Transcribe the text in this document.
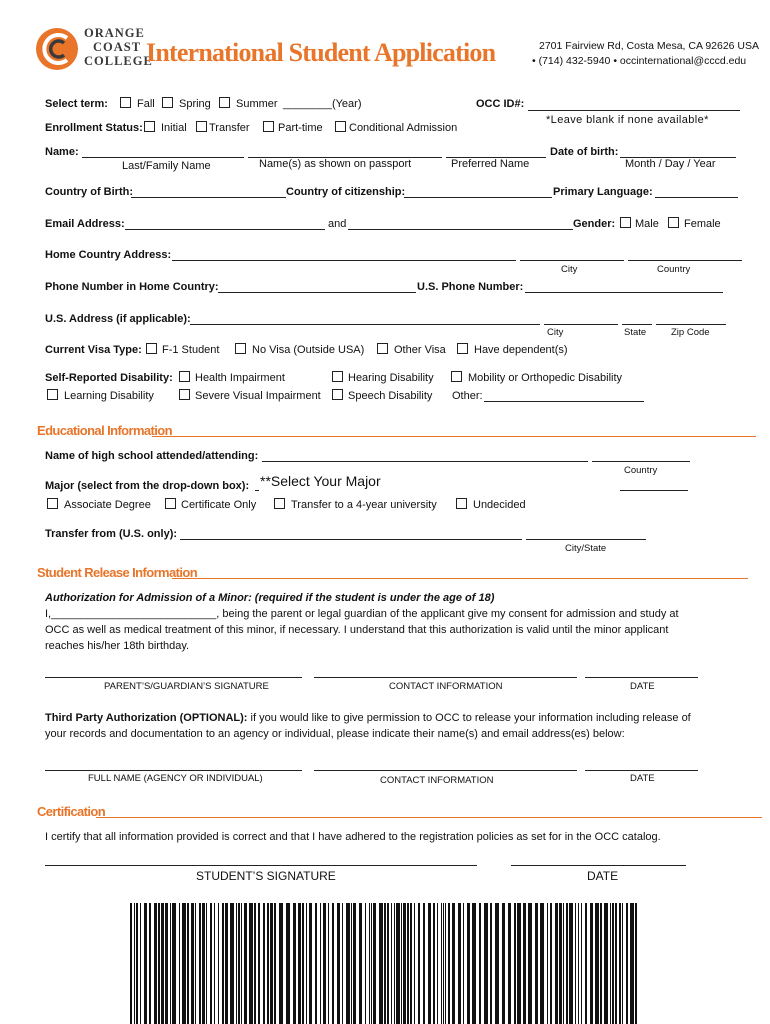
ORANGE
COAST
COLLEGE
International Student Application	2701 Fairview Rd, Costa Mesa, CA 92626 USA
• (714) 432-5940 • occinternational@cccd.edu
Select term:	Fall Spring Summer ________(Year)	OCC ID#:
*Leave blank if none available*
Enrollment Status: Initial Transfer	Part-time Conditional Admission
Name:	Date of birth:
Last/Family Name	Name(s) as shown on passport	Preferred Name	Month / Day / Year
Country of Birth:	Country of citizenship:	Primary Language:
Email Address:	and	Gender: Male Female
Home Country Address:
City	Country
Phone Number in Home Country:	U.S. Phone Number:
U.S. Address (if applicable):
City	State	Zip Code
Current Visa Type: F-1 Student	No Visa (Outside USA)	Other Visa	Have dependent(s)
Self-Reported Disability: Health Impairment	Hearing Disability	Mobility or Orthopedic Disability
Learning Disability	Severe Visual Impairment Speech Disability Other:
Educational Information
Name of high school attended/attending:
Country
Major (select from the drop-down box): **Select Your Major
Associate Degree	Certificate Only	Transfer to a 4-year university	Undecided
Transfer from (U.S. only):
City/State
Student Release Information
Authorization for Admission of a Minor: (required if the student is under the age of 18)
I,___________________________, being the parent or legal guardian of the applicant give my consent for admission and study at
OCC as well as medical treatment of this minor, if necessary. I understand that this authorization is valid until the minor applicant
reaches his/her 18th birthday.
PARENT’S/GUARDIAN’S SIGNATURE	CONTACT INFORMATION	DATE
Third Party Authorization (OPTIONAL): if you would like to give permission to OCC to release your information including release of
your records and documentation to an agency or individual, please indicate their name(s) and email address(es) below:
FULL NAME (AGENCY OR INDIVIDUAL)	CONTACT INFORMATION	DATE
Certification
I certify that all information provided is correct and that I have adhered to the registration policies as set for in the OCC catalog.
STUDENT’S SIGNATURE	DATE
